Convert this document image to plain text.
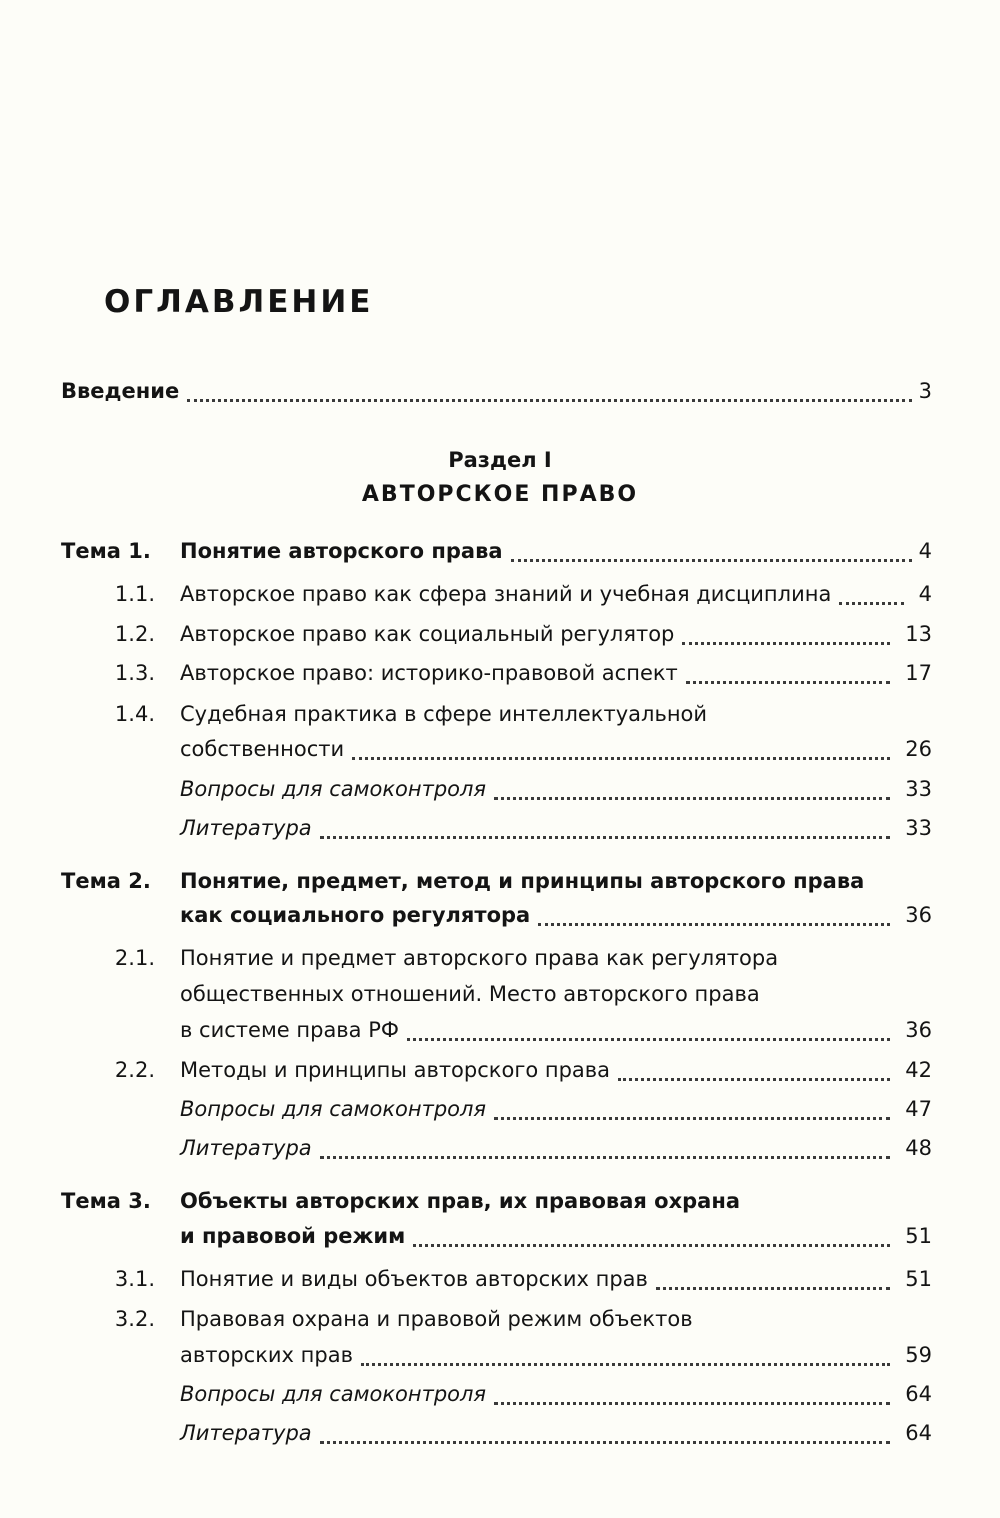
ОГЛАВЛЕНИЕ
Введение	3
Раздел I
АВТОРСКОЕ ПРАВО
Тема 1. Понятие авторского права	4
1.1. Авторское право как сфера знаний и учебная дисциплина	4
1.2. Авторское право как социальный регулятор	13
1.3. Авторское право: историко-правовой аспект	17
1.4. Судебная практика в сфере интеллектуальной
собственности	26
Вопросы для самоконтроля	33
Литература	33
Тема 2. Понятие, предмет, метод и принципы авторского права
как социального регулятора	36
2.1. Понятие и предмет авторского права как регулятора
общественных отношений. Место авторского права
в системе права РФ	36
2.2. Методы и принципы авторского права	42
Вопросы для самоконтроля	47
Литература	48
Тема 3. Объекты авторских прав, их правовая охрана
и правовой режим	51
3.1. Понятие и виды объектов авторских прав	51
3.2. Правовая охрана и правовой режим объектов
авторских прав	59
Вопросы для самоконтроля	64
Литература	64
